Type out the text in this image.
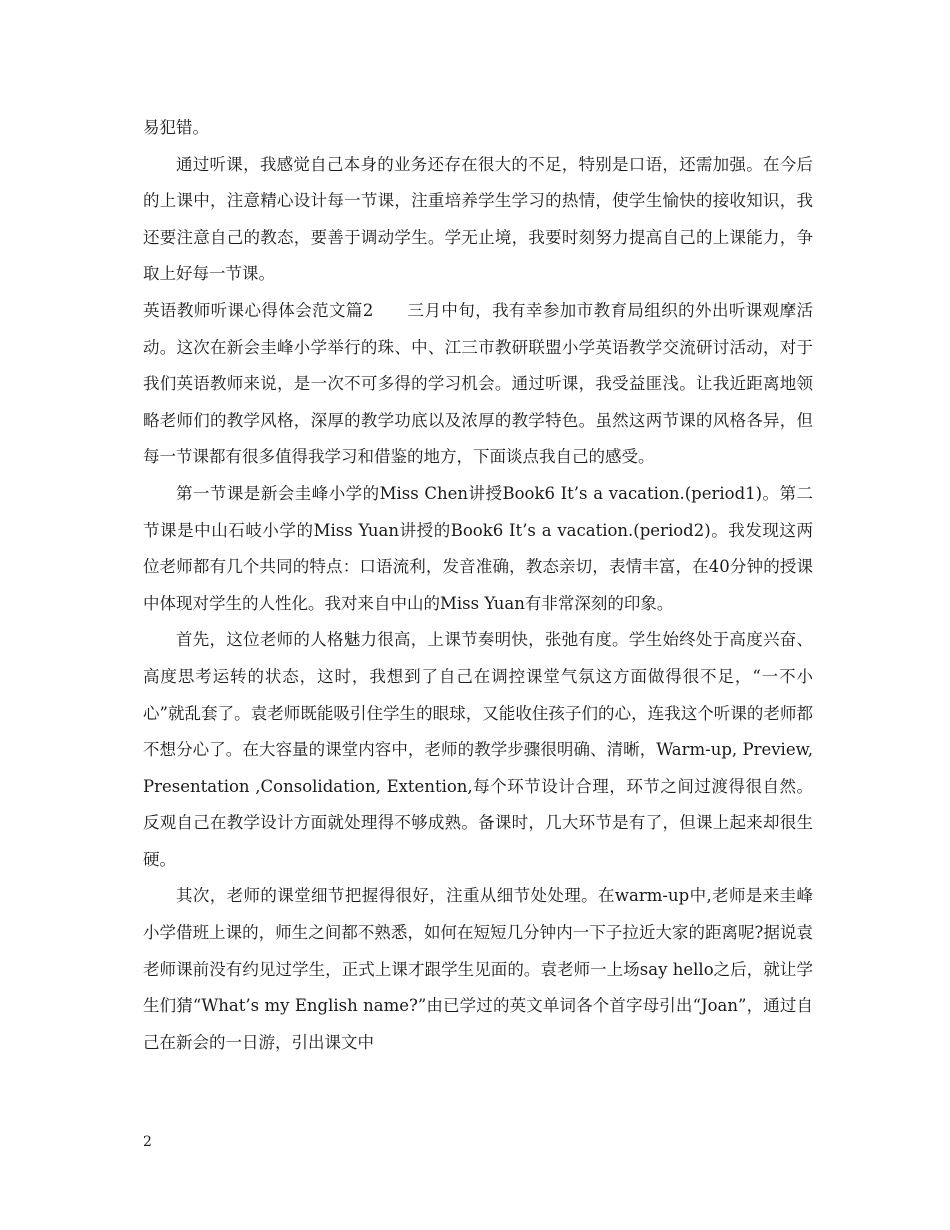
易犯错。

通过听课，我感觉自己本身的业务还存在很大的不足，特别是口语，还需加强。在今后的上课中，注意精心设计每一节课，注重培养学生学习的热情，使学生愉快的接收知识，我还要注意自己的教态，要善于调动学生。学无止境，我要时刻努力提高自己的上课能力，争取上好每一节课。

英语教师听课心得体会范文篇2　　三月中旬，我有幸参加市教育局组织的外出听课观摩活动。这次在新会圭峰小学举行的珠、中、江三市教研联盟小学英语教学交流研讨活动，对于我们英语教师来说，是一次不可多得的学习机会。通过听课，我受益匪浅。让我近距离地领略老师们的教学风格，深厚的教学功底以及浓厚的教学特色。虽然这两节课的风格各异，但每一节课都有很多值得我学习和借鉴的地方，下面谈点我自己的感受。

第一节课是新会圭峰小学的Miss Chen讲授Book6 It’s a vacation.(period1)。第二节课是中山石岐小学的Miss Yuan讲授的Book6 It’s a vacation.(period2)。我发现这两位老师都有几个共同的特点：口语流利，发音准确，教态亲切，表情丰富，在40分钟的授课中体现对学生的人性化。我对来自中山的Miss Yuan有非常深刻的印象。

首先，这位老师的人格魅力很高，上课节奏明快，张弛有度。学生始终处于高度兴奋、高度思考运转的状态，这时，我想到了自己在调控课堂气氛这方面做得很不足，“一不小心”就乱套了。袁老师既能吸引住学生的眼球，又能收住孩子们的心，连我这个听课的老师都不想分心了。在大容量的课堂内容中，老师的教学步骤很明确、清晰，Warm-up, Preview, Presentation ,Consolidation, Extention,每个环节设计合理，环节之间过渡得很自然。反观自己在教学设计方面就处理得不够成熟。备课时，几大环节是有了，但课上起来却很生硬。

其次，老师的课堂细节把握得很好，注重从细节处处理。在warm-up中,老师是来圭峰小学借班上课的，师生之间都不熟悉，如何在短短几分钟内一下子拉近大家的距离呢?据说袁老师课前没有约见过学生，正式上课才跟学生见面的。袁老师一上场say hello之后，就让学生们猜“What’s my English name?”由已学过的英文单词各个首字母引出“Joan”，通过自己在新会的一日游，引出课文中

2
